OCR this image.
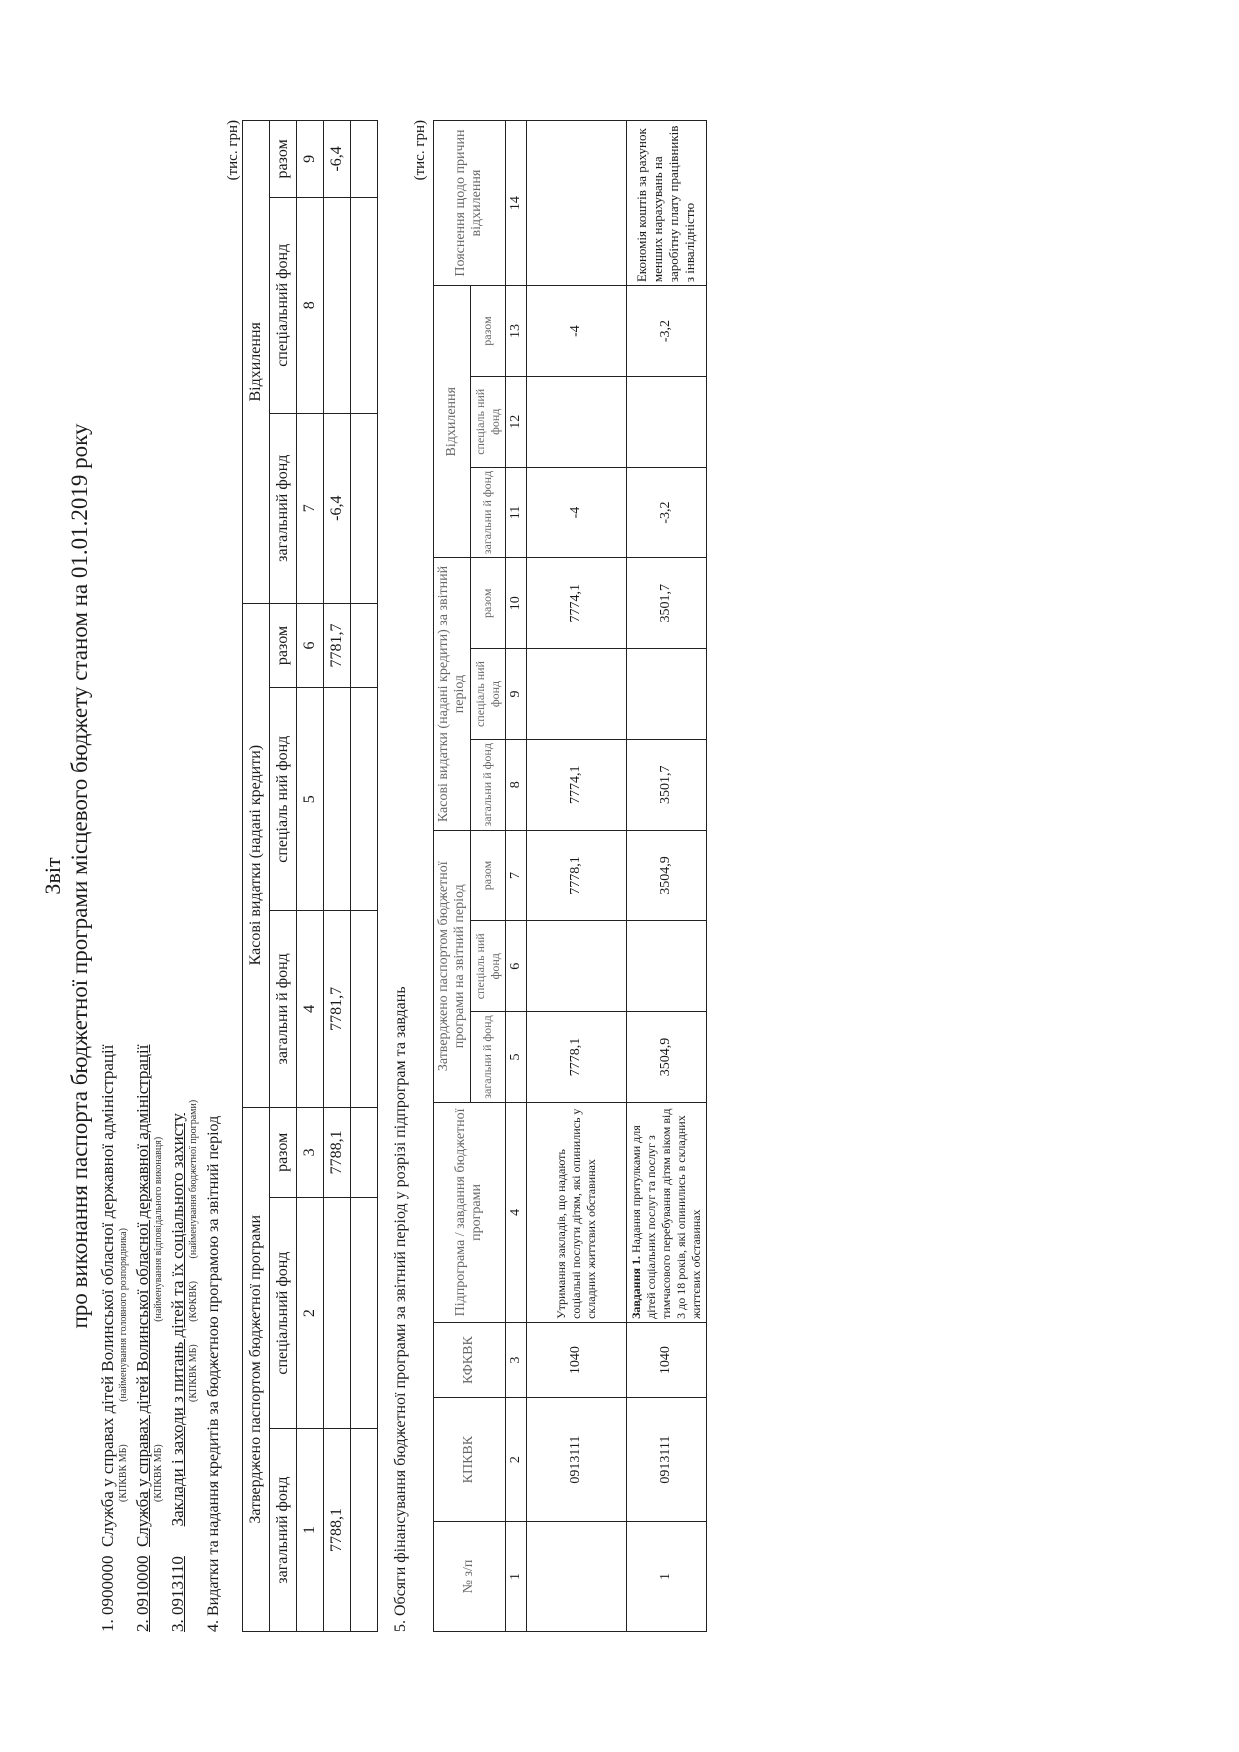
Звіт про виконання паспорта бюджетної програми місцевого бюджету станом на 01.01.2019 року
1. 0900000  Служба у справах дітей Волинської обласної державної адміністрації (КПКВК МБ) (найменування головного розпорядника)
2. 0910000  Служба у справах дітей Волинської обласної державної адміністрації (КПКВК МБ) (найменування відповідального виконавця)
3. 0913110       Заклади і заходи з питань дітей та їх соціального захисту (КПКВК МБ) (КФКВК) (найменування бюджетної програми) 4. Видатки та надання кредитів за бюджетною програмою за звітний період
(тис. грн)
Затверджено паспортом бюджетної програми			Касові видатки (надані кредити)			Відхилення		
загальний фонд	спеціальний фонд	разом	загальни й фонд	спеціаль ний фонд	разом	загальний фонд	спеціальний фонд	разом
1	2	3	4	5	6	7	8	9
7788,1		7788,1	7781,7		7781,7	-6,4		-6,4

5. Обсяги фінансування бюджетної програми за звітний період у розрізі підпрограм та завдань
(тис. грн)
№ з/п	КПКВК	КФКВК	Підпрограма / завдання бюджетної програми	Затверджено паспортом бюджетної програми на звітний період			Касові видатки (надані кредити) за звітний період			Відхилення			Пояснення щодо причин відхилення
				загальни й фонд	спеціаль ний фонд	разом	загальни й фонд	спеціаль ний фонд	разом	загальни й фонд	спеціаль ний фонд	разом	
1	2	3	4	5	6	7	8	9	10	11	12	13	14
	0913111	1040	Утримання закладів, що надають соціальні послуги дітям, які опинились у складних життєвих обставинах	7778,1		7778,1	7774,1		7774,1	-4		-4	
1	0913111	1040	Завдання 1. Надання притулками для дітей соціальних послуг та послуг з тимчасового перебування дітям віком від 3 до 18 років, які опинились в складних життєвих обставинах	3504,9		3504,9	3501,7		3501,7	-3,2		-3,2	Економія коштів за рахунок менших нарахувань на заробітну плату працівників з інвалідністю
